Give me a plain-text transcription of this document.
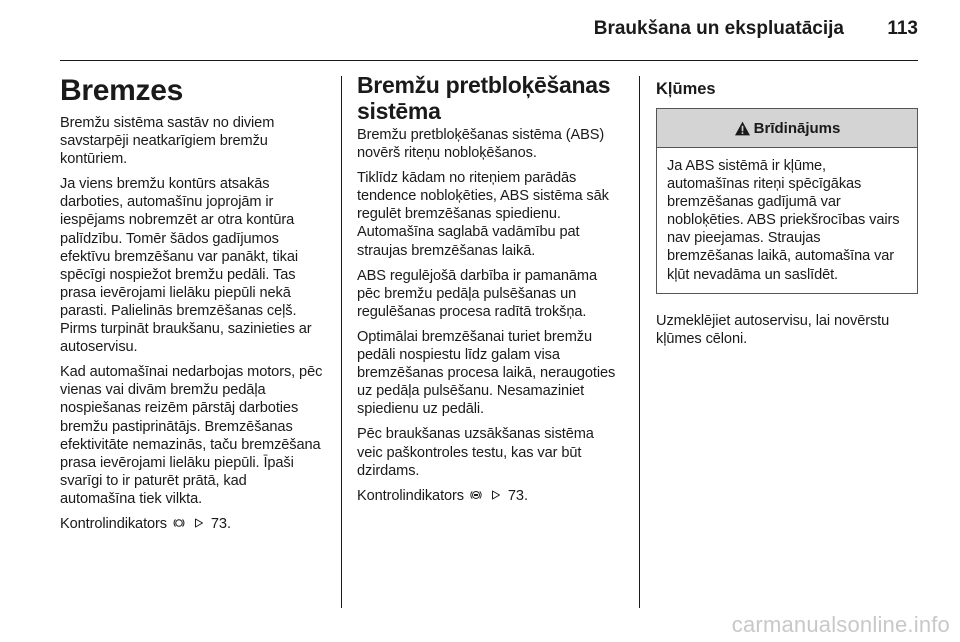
Braukšana un ekspluatācija	113
Bremzes

Bremžu sistēma sastāv no diviem savstarpēji neatkarīgiem bremžu kontūriem.

Ja viens bremžu kontūrs atsakās darboties, automašīnu joprojām ir iespējams nobremzēt ar otra kontūra palīdzību. Tomēr šādos gadījumos efektīvu bremzēšanu var panākt, tikai spēcīgi nospiežot bremžu pedāli. Tas prasa ievērojami lielāku piepūli nekā parasti. Palielinās bremzēšanas ceļš. Pirms turpināt braukšanu, sazinieties ar autoservisu.

Kad automašīnai nedarbojas motors, pēc vienas vai divām bremžu pedāļa nospiešanas reizēm pārstāj darboties bremžu pastiprinātājs. Bremzēšanas efektivitāte nemazinās, taču bremzēšana prasa ievērojami lielāku piepūli. Īpaši svarīgi to ir paturēt prātā, kad automašīna tiek vilkta.

Kontrolindikators	73.

Bremžu pretbloķēšanas sistēma

Bremžu pretbloķēšanas sistēma (ABS) novērš riteņu nobloķēšanos.

Tiklīdz kādam no riteņiem parādās tendence nobloķēties, ABS sistēma sāk regulēt bremzēšanas spiedienu. Automašīna saglabā vadāmību pat straujas bremzēšanas laikā.

ABS regulējošā darbība ir pamanāma pēc bremžu pedāļa pulsēšanas un regulēšanas procesa radītā trokšņa.

Optimālai bremzēšanai turiet bremžu pedāli nospiestu līdz galam visa bremzēšanas procesa laikā, neraugoties uz pedāļa pulsēšanu. Nesamaziniet spiedienu uz pedāli.

Pēc braukšanas uzsākšanas sistēma veic paškontroles testu, kas var būt dzirdams.

Kontrolindikators	73.

Kļūmes
Brīdinājums

Ja ABS sistēmā ir kļūme, automašīnas riteņi spēcīgākas bremzēšanas gadījumā var nobloķēties. ABS priekšrocības vairs nav pieejamas. Straujas bremzēšanas laikā, automašīna var kļūt nevadāma un saslīdēt.

Uzmeklējiet autoservisu, lai novērstu kļūmes cēloni.

carmanualsonline.info
